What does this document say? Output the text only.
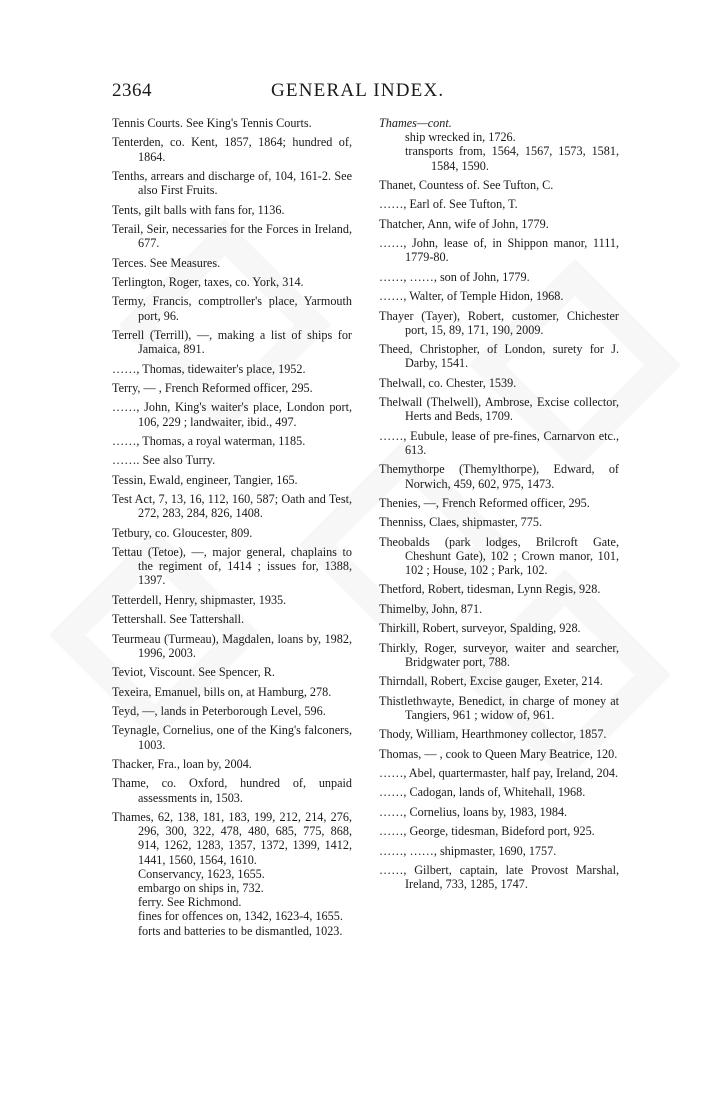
2364	GENERAL INDEX.

Tennis Courts. See King's Tennis Courts.

Tenterden, co. Kent, 1857, 1864; hundred of, 1864.

Tenths, arrears and discharge of, 104, 161-2. See also First Fruits.

Tents, gilt balls with fans for, 1136.

Terail, Seir, necessaries for the Forces in Ireland, 677.

Terces. See Measures.

Terlington, Roger, taxes, co. York, 314.

Termy, Francis, comptroller's place, Yarmouth port, 96.

Terrell (Terrill), —, making a list of ships for Jamaica, 891.

……, Thomas, tidewaiter's place, 1952.

Terry, — , French Reformed officer, 295.

……, John, King's waiter's place, London port, 106, 229 ; landwaiter, ibid., 497.

……, Thomas, a royal waterman, 1185.

……. See also Turry.

Tessin, Ewald, engineer, Tangier, 165.

Test Act, 7, 13, 16, 112, 160, 587; Oath and Test, 272, 283, 284, 826, 1408.

Tetbury, co. Gloucester, 809.

Tettau (Tetoe), —, major general, chaplains to the regiment of, 1414 ; issues for, 1388, 1397.

Tetterdell, Henry, shipmaster, 1935.

Tettershall. See Tattershall.

Teurmeau (Turmeau), Magdalen, loans by, 1982, 1996, 2003.

Teviot, Viscount. See Spencer, R.

Texeira, Emanuel, bills on, at Hamburg, 278.

Teyd, —, lands in Peterborough Level, 596.

Teynagle, Cornelius, one of the King's falconers, 1003.

Thacker, Fra., loan by, 2004.

Thame, co. Oxford, hundred of, unpaid assessments in, 1503.

Thames, 62, 138, 181, 183, 199, 212, 214, 276, 296, 300, 322, 478, 480, 685, 775, 868, 914, 1262, 1283, 1357, 1372, 1399, 1412, 1441, 1560, 1564, 1610.

Conservancy, 1623, 1655.

embargo on ships in, 732.

ferry. See Richmond.

fines for offences on, 1342, 1623-4, 1655.

forts and batteries to be dismantled, 1023.

Thames—cont.

ship wrecked in, 1726.

transports from, 1564, 1567, 1573, 1581, 1584, 1590.

Thanet, Countess of. See Tufton, C.

……, Earl of. See Tufton, T.

Thatcher, Ann, wife of John, 1779.

……, John, lease of, in Shippon manor, 1111, 1779-80.

……, ……, son of John, 1779.

……, Walter, of Temple Hidon, 1968.

Thayer (Tayer), Robert, customer, Chichester port, 15, 89, 171, 190, 2009.

Theed, Christopher, of London, surety for J. Darby, 1541.

Thelwall, co. Chester, 1539.

Thelwall (Thelwell), Ambrose, Excise collector, Herts and Beds, 1709.

……, Eubule, lease of pre-fines, Carnarvon etc., 613.

Themythorpe (Themylthorpe), Edward, of Norwich, 459, 602, 975, 1473.

Thenies, —, French Reformed officer, 295.

Thenniss, Claes, shipmaster, 775.

Theobalds (park lodges, Brilcroft Gate, Cheshunt Gate), 102 ; Crown manor, 101, 102 ; House, 102 ; Park, 102.

Thetford, Robert, tidesman, Lynn Regis, 928.

Thimelby, John, 871.

Thirkill, Robert, surveyor, Spalding, 928.

Thirkly, Roger, surveyor, waiter and searcher, Bridgwater port, 788.

Thirndall, Robert, Excise gauger, Exeter, 214.

Thistlethwayte, Benedict, in charge of money at Tangiers, 961 ; widow of, 961.

Thody, William, Hearthmoney collector, 1857.

Thomas, — , cook to Queen Mary Beatrice, 120.

……, Abel, quartermaster, half pay, Ireland, 204.

……, Cadogan, lands of, Whitehall, 1968.

……, Cornelius, loans by, 1983, 1984.

……, George, tidesman, Bideford port, 925.

……, ……, shipmaster, 1690, 1757.

……, Gilbert, captain, late Provost Marshal, Ireland, 733, 1285, 1747.
